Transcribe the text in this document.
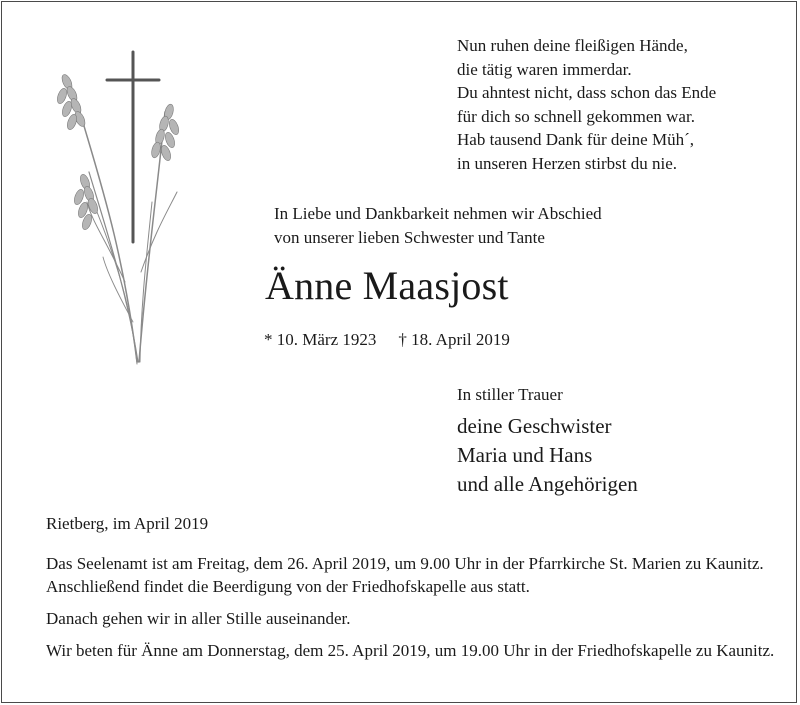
Nun ruhen deine fleißigen Hände,
die tätig waren immerdar.
Du ahntest nicht, dass schon das Ende
für dich so schnell gekommen war.
Hab tausend Dank für deine Müh´,
in unseren Herzen stirbst du nie.
In Liebe und Dankbarkeit nehmen wir Abschied
von unserer lieben Schwester und Tante
Änne Maasjost
* 10. März 1923 † 18. April 2019
In stiller Trauer
deine Geschwister
Maria und Hans
und alle Angehörigen
Rietberg, im April 2019

Das Seelenamt ist am Freitag, dem 26. April 2019, um 9.00 Uhr in der Pfarrkirche St. Marien zu Kaunitz. Anschließend findet die Beerdigung von der Friedhofskapelle aus statt.

Danach gehen wir in aller Stille auseinander.

Wir beten für Änne am Donnerstag, dem 25. April 2019, um 19.00 Uhr in der Friedhofskapelle zu Kaunitz.
